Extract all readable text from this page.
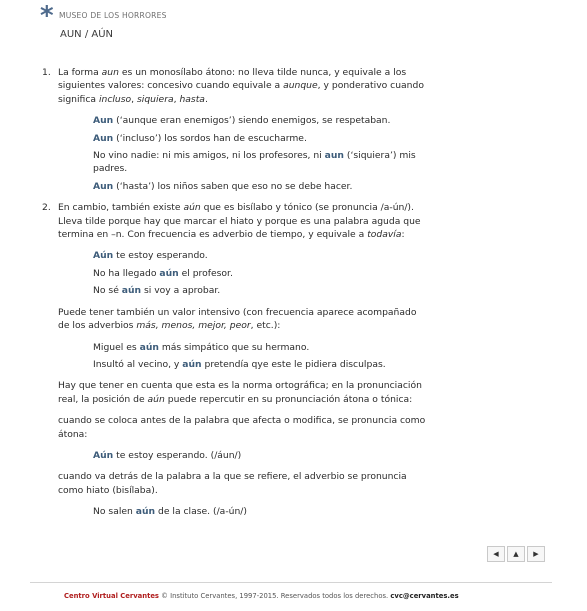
* MUSEO DE LOS HORRORES
AUN / AÚN
1. La forma aun es un monosílabo átono: no lleva tilde nunca, y equivale a los

siguientes valores: concesivo cuando equivale a aunque, y ponderativo cuando

significa incluso, siquiera, hasta.

Aun (‘aunque eran enemigos’) siendo enemigos, se respetaban.

Aun (‘incluso’) los sordos han de escucharme.

No vino nadie: ni mis amigos, ni los profesores, ni aun (‘siquiera’) mis

padres.

Aun (‘hasta’) los niños saben que eso no se debe hacer.

2. En cambio, también existe aún que es bisílabo y tónico (se pronuncia /a-ún/).

Lleva tilde porque hay que marcar el hiato y porque es una palabra aguda que

termina en –n. Con frecuencia es adverbio de tiempo, y equivale a todavía:

Aún te estoy esperando.

No ha llegado aún el profesor.

No sé aún si voy a aprobar.

Puede tener también un valor intensivo (con frecuencia aparece acompañado

de los adverbios más, menos, mejor, peor, etc.):

Miguel es aún más simpático que su hermano.

Insultó al vecino, y aún pretendía qye este le pidiera disculpas.

Hay que tener en cuenta que esta es la norma ortográfica; en la pronunciación

real, la posición de aún puede repercutir en su pronunciación átona o tónica:

cuando se coloca antes de la palabra que afecta o modifica, se pronuncia como

átona:

Aún te estoy esperando. (/áun/)

cuando va detrás de la palabra a la que se refiere, el adverbio se pronuncia

como hiato (bisílaba).

No salen aún de la clase. (/a-ún/)

◀ ▲ ▶
Centro Virtual Cervantes © Instituto Cervantes, 1997-2015. Reservados todos los derechos. cvc@cervantes.es
